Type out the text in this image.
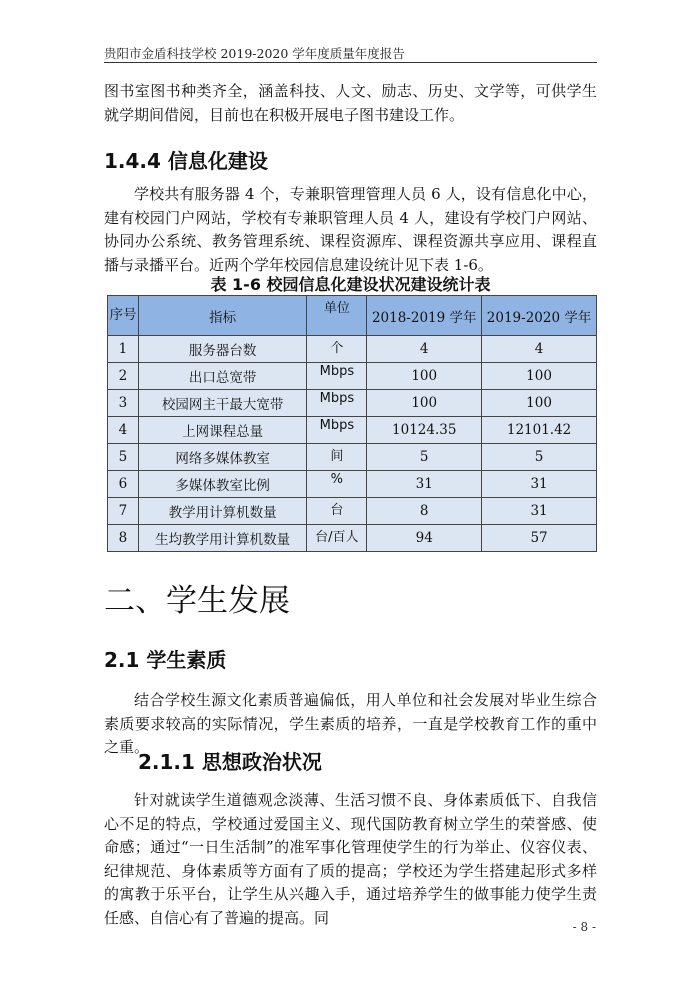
贵阳市金盾科技学校 2019-2020 学年度质量年度报告

图书室图书种类齐全，涵盖科技、人文、励志、历史、文学等，可供学生就学期间借阅，目前也在积极开展电子图书建设工作。

1.4.4 信息化建设

学校共有服务器 4 个，专兼职管理管理人员 6 人，设有信息化中心，建有校园门户网站，学校有专兼职管理人员 4 人，建设有学校门户网站、协同办公系统、教务管理系统、课程资源库、课程资源共享应用、课程直播与录播平台。近两个学年校园信息建设统计见下表 1-6。

表 1-6 校园信息化建设状况建设统计表
序号	指标	单位	2018-2019 学年	2019-2020 学年
1	服务器台数	个	4	4
2	出口总宽带	Mbps	100	100
3	校园网主干最大宽带	Mbps	100	100
4	上网课程总量	Mbps	10124.35	12101.42
5	网络多媒体教室	间	5	5
6	多媒体教室比例	%	31	31
7	教学用计算机数量	台	8	31
8	生均教学用计算机数量	台/百人	94	57
二、学生发展
2.1 学生素质

结合学校生源文化素质普遍偏低，用人单位和社会发展对毕业生综合素质要求较高的实际情况，学生素质的培养，一直是学校教育工作的重中之重。

2.1.1 思想政治状况

针对就读学生道德观念淡薄、生活习惯不良、身体素质低下、自我信心不足的特点，学校通过爱国主义、现代国防教育树立学生的荣誉感、使命感；通过“一日生活制”的准军事化管理使学生的行为举止、仪容仪表、纪律规范、身体素质等方面有了质的提高；学校还为学生搭建起形式多样的寓教于乐平台，让学生从兴趣入手，通过培养学生的做事能力使学生责任感、自信心有了普遍的提高。同

- 8 -
